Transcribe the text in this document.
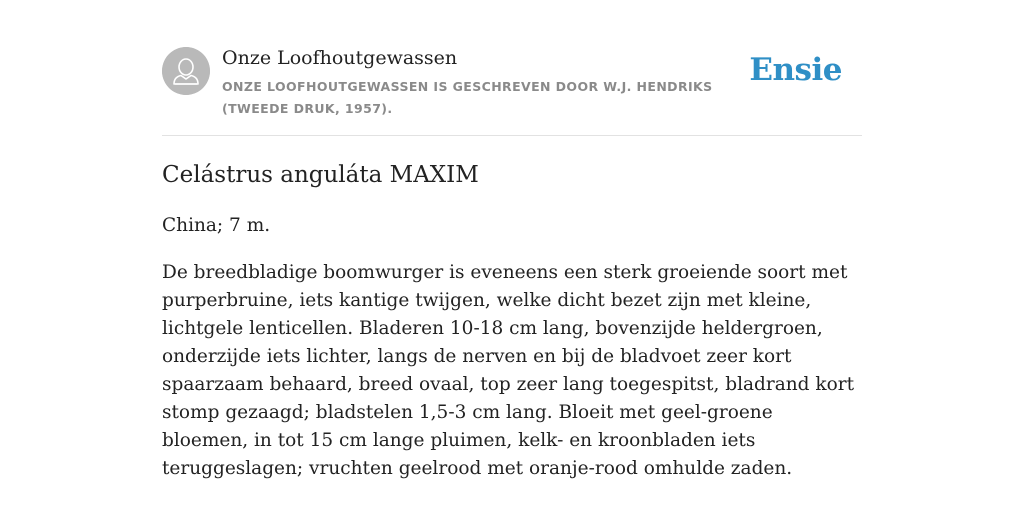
Onze Loofhoutgewassen
ONZE LOOFHOUTGEWASSEN IS GESCHREVEN DOOR W.J. HENDRIKS (TWEEDE DRUK, 1957).
Ensie
Celástrus anguláta MAXIM

China; 7 m.

De breedbladige boomwurger is eveneens een sterk groeiende soort met purperbruine, iets kantige twijgen, welke dicht bezet zijn met kleine, lichtgele lenticellen. Bladeren 10-18 cm lang, bovenzijde heldergroen, onderzijde iets lichter, langs de nerven en bij de bladvoet zeer kort spaarzaam behaard, breed ovaal, top zeer lang toegespitst, bladrand kort stomp gezaagd; bladstelen 1,5-3 cm lang. Bloeit met geel-groene bloemen, in tot 15 cm lange pluimen, kelk- en kroonbladen iets teruggeslagen; vruchten geelrood met oranje-rood omhulde zaden.
